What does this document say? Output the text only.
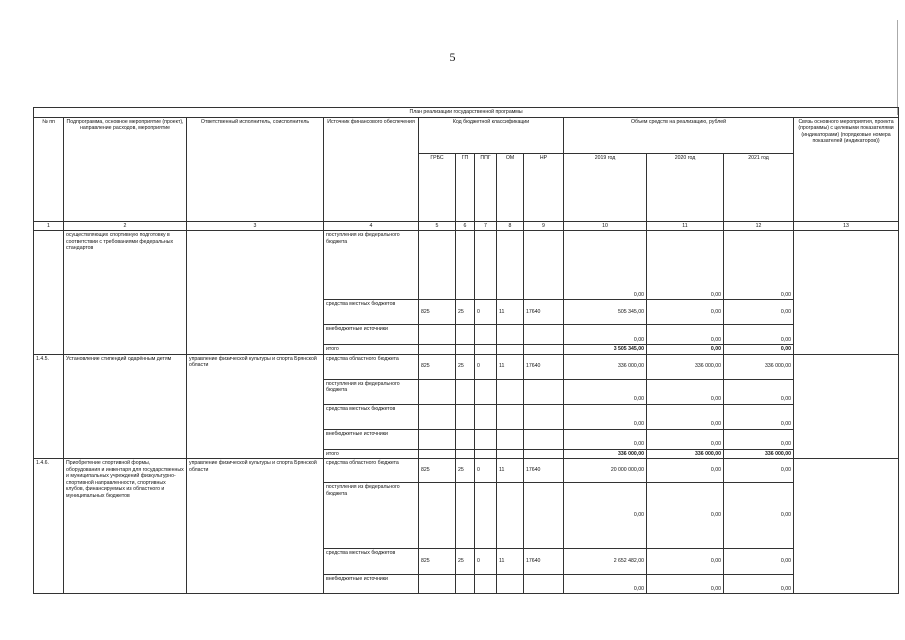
5
План реализации государственной программы												
№ пп	Подпрограмма, основное мероприятие (проект), направление расходов, мероприятие	Ответственный исполнитель, соисполнитель	Источник финансового обеспечения	Код бюджетной классификации					Объем средств на реализацию, рублей			Связь основного мероприятия, проекта (программы) с целевыми показателями (индикаторами) (порядковые номера показателей (индикаторов))
				ГРБС	ГП	ППГ	ОМ	НР	2019 год	2020 год	2021 год	
1	2	3	4	5	6	7	8	9	10	11	12	13
	осуществляющих спортивную подготовку в соответствии с требованиями федеральных стандартов		поступления из федерального бюджета						0,00	0,00	0,00	
			средства местных бюджетов	825	25	0	11	17640	505 345,00	0,00	0,00	
			внебюджетные источники						0,00	0,00	0,00	
			итого						3 505 345,00	0,00	0,00	
1.4.5.	Установление стипендий одарённым детям	управление физической культуры и спорта Брянской области	средства областного бюджета	825	25	0	11	17640	336 000,00	336 000,00	336 000,00	
			поступления из федерального бюджета						0,00	0,00	0,00	
			средства местных бюджетов						0,00	0,00	0,00	
			внебюджетные источники						0,00	0,00	0,00	
			итого						336 000,00	336 000,00	336 000,00	
1.4.6.	Приобретение спортивной формы, оборудования и инвентаря для государственных и муниципальных учреждений физкультурно-спортивной направленности, спортивных клубов, финансируемых из областного и муниципальных бюджетов	управление физической культуры и спорта Брянской области	средства областного бюджета	825	25	0	11	17640	20 000 000,00	0,00	0,00	
			поступления из федерального бюджета						0,00	0,00	0,00	
			средства местных бюджетов	825	25	0	11	17640	2 652 482,00	0,00	0,00	
			внебюджетные источники						0,00	0,00	0,00	
